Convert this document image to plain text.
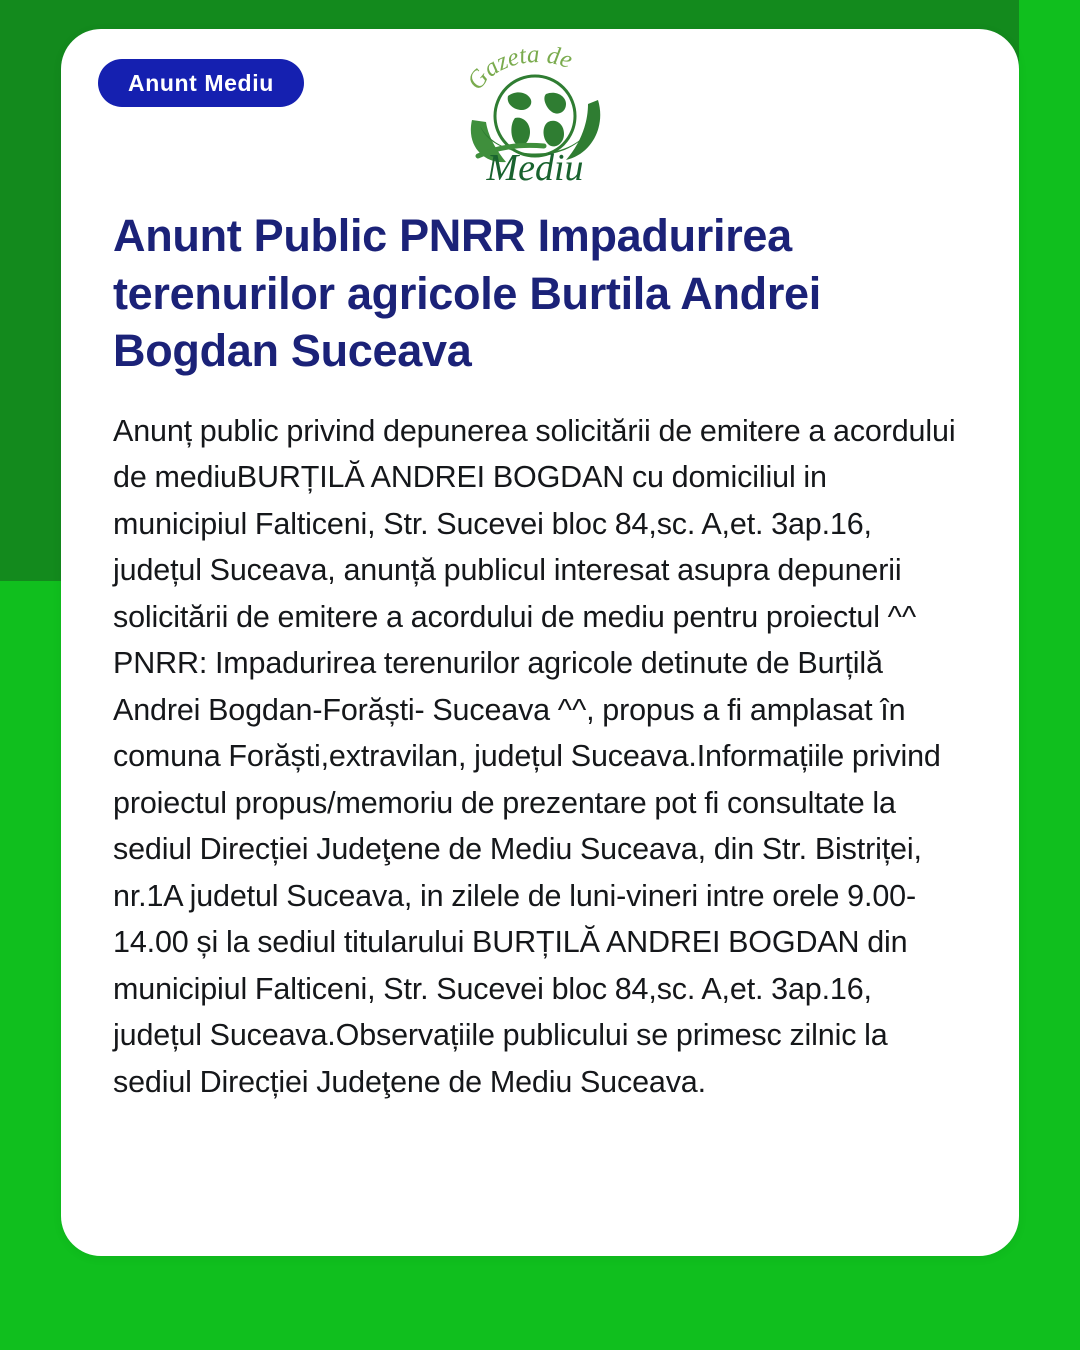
Anunt Mediu	Gazeta de
Mediu
Anunt Public PNRR Impadurirea terenurilor agricole Burtila Andrei Bogdan Suceava

Anunț public privind depunerea solicitării de emitere a acordului de mediuBURȚILĂ ANDREI BOGDAN cu domiciliul in municipiul Falticeni, Str. Sucevei bloc 84,sc. A,et. 3ap.16, județul Suceava, anunță publicul interesat asupra depunerii solicitării de emitere a acordului de mediu pentru proiectul ^^ PNRR: Impadurirea terenurilor agricole detinute de Burțilă Andrei Bogdan-Forăști- Suceava ^^, propus a fi amplasat în comuna Forăști,extravilan, județul Suceava.Informațiile privind proiectul propus/memoriu de prezentare pot fi consultate la sediul Direcției Judeţene de Mediu Suceava, din Str. Bistriței, nr.1A judetul Suceava, in zilele de luni-vineri intre orele 9.00-14.00 și la sediul titularului BURȚILĂ ANDREI BOGDAN din municipiul Falticeni, Str. Sucevei bloc 84,sc. A,et. 3ap.16, județul Suceava.Observațiile publicului se primesc zilnic la sediul Direcției Judeţene de Mediu Suceava.
